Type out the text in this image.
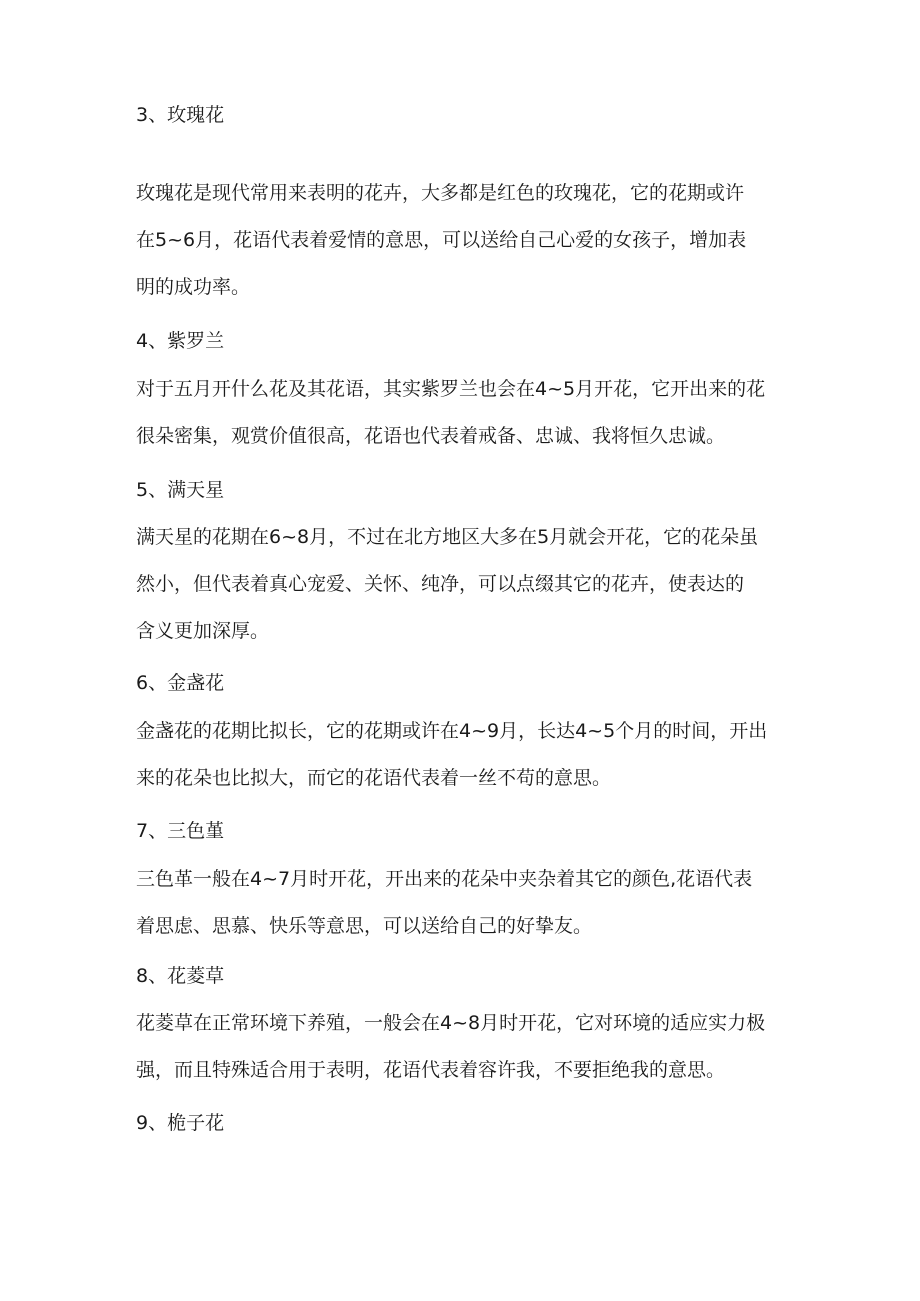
3、玫瑰花
玫瑰花是现代常用来表明的花卉，大多都是红色的玫瑰花，它的花期或许
在5~6月，花语代表着爱情的意思，可以送给自己心爱的女孩子，增加表
明的成功率。
4、紫罗兰
对于五月开什么花及其花语，其实紫罗兰也会在4~5月开花，它开出来的花
很朵密集，观赏价值很高，花语也代表着戒备、忠诚、我将恒久忠诚。
5、满天星
满天星的花期在6~8月，不过在北方地区大多在5月就会开花，它的花朵虽
然小，但代表着真心宠爱、关怀、纯净，可以点缀其它的花卉，使表达的
含义更加深厚。
6、金盏花
金盏花的花期比拟长，它的花期或许在4~9月，长达4~5个月的时间，开出
来的花朵也比拟大，而它的花语代表着一丝不苟的意思。
7、三色堇
三色革一般在4~7月时开花，开出来的花朵中夹杂着其它的颜色,花语代表
着思虑、思慕、快乐等意思，可以送给自己的好挚友。
8、花菱草
花菱草在正常环境下养殖，一般会在4~8月时开花，它对环境的适应实力极
强，而且特殊适合用于表明，花语代表着容许我，不要拒绝我的意思。
9、桅子花
